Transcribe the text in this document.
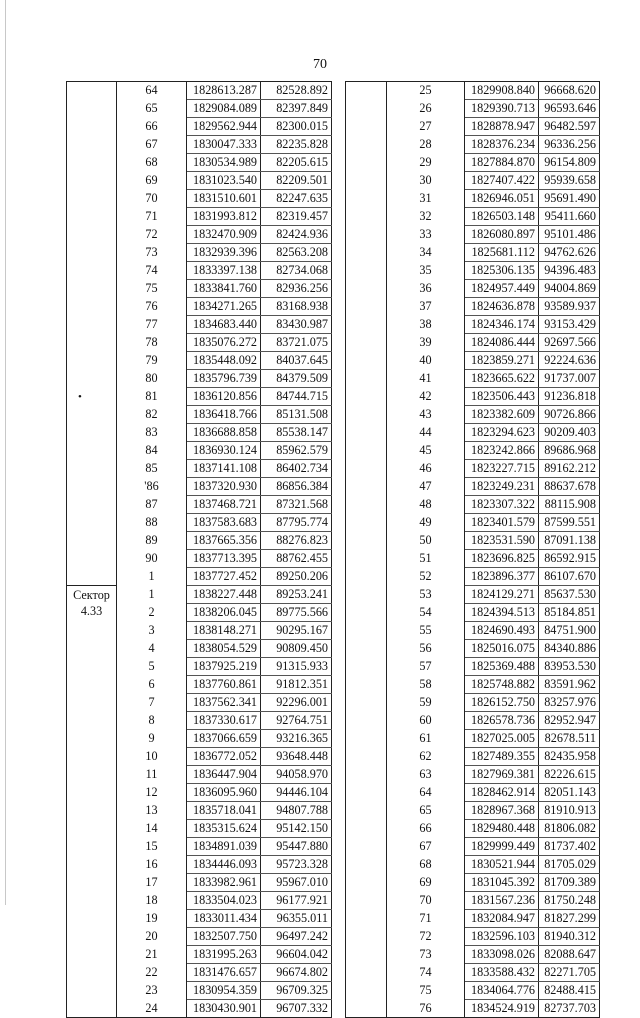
70
•
	64	1828613.287	82528.892
	65	1829084.089	82397.849
	66	1829562.944	82300.015
	67	1830047.333	82235.828
	68	1830534.989	82205.615
	69	1831023.540	82209.501
	70	1831510.601	82247.635
	71	1831993.812	82319.457
	72	1832470.909	82424.936
	73	1832939.396	82563.208
	74	1833397.138	82734.068
	75	1833841.760	82936.256
	76	1834271.265	83168.938
	77	1834683.440	83430.987
	78	1835076.272	83721.075
	79	1835448.092	84037.645
	80	1835796.739	84379.509
	81	1836120.856	84744.715
	82	1836418.766	85131.508
	83	1836688.858	85538.147
	84	1836930.124	85962.579
	85	1837141.108	86402.734
	'86	1837320.930	86856.384
	87	1837468.721	87321.568
	88	1837583.683	87795.774
	89	1837665.356	88276.823
	90	1837713.395	88762.455
	1	1837727.452	89250.206

Сектор
4.33	1	1838227.448	89253.241
	2	1838206.045	89775.566
	3	1838148.271	90295.167
	4	1838054.529	90809.450
	5	1837925.219	91315.933
	6	1837760.861	91812.351
	7	1837562.341	92296.001
	8	1837330.617	92764.751
	9	1837066.659	93216.365
	10	1836772.052	93648.448
	11	1836447.904	94058.970
	12	1836095.960	94446.104
	13	1835718.041	94807.788
	14	1835315.624	95142.150
	15	1834891.039	95447.880
	16	1834446.093	95723.328
	17	1833982.961	95967.010
	18	1833504.023	96177.921
	19	1833011.434	96355.011
	20	1832507.750	96497.242
	21	1831995.263	96604.042
	22	1831476.657	96674.802
	23	1830954.359	96709.325
	24	1830430.901	96707.332
	25	1829908.840	96668.620
	26	1829390.713	96593.646
	27	1828878.947	96482.597
	28	1828376.234	96336.256
	29	1827884.870	96154.809
	30	1827407.422	95939.658
	31	1826946.051	95691.490
	32	1826503.148	95411.660
	33	1826080.897	95101.486
	34	1825681.112	94762.626
	35	1825306.135	94396.483
	36	1824957.449	94004.869
	37	1824636.878	93589.937
	38	1824346.174	93153.429
	39	1824086.444	92697.566
	40	1823859.271	92224.636
	41	1823665.622	91737.007
	42	1823506.443	91236.818
	43	1823382.609	90726.866
	44	1823294.623	90209.403
	45	1823242.866	89686.968
	46	1823227.715	89162.212
	47	1823249.231	88637.678
	48	1823307.322	88115.908
	49	1823401.579	87599.551
	50	1823531.590	87091.138
	51	1823696.825	86592.915
	52	1823896.377	86107.670
	53	1824129.271	85637.530
	54	1824394.513	85184.851
	55	1824690.493	84751.900
	56	1825016.075	84340.886
	57	1825369.488	83953.530
	58	1825748.882	83591.962
	59	1826152.750	83257.976
	60	1826578.736	82952.947
	61	1827025.005	82678.511
	62	1827489.355	82435.958
	63	1827969.381	82226.615
	64	1828462.914	82051.143
	65	1828967.368	81910.913
	66	1829480.448	81806.082
	67	1829999.449	81737.402
	68	1830521.944	81705.029
	69	1831045.392	81709.389
	70	1831567.236	81750.248
	71	1832084.947	81827.299
	72	1832596.103	81940.312
	73	1833098.026	82088.647
	74	1833588.432	82271.705
	75	1834064.776	82488.415
	76	1834524.919	82737.703
